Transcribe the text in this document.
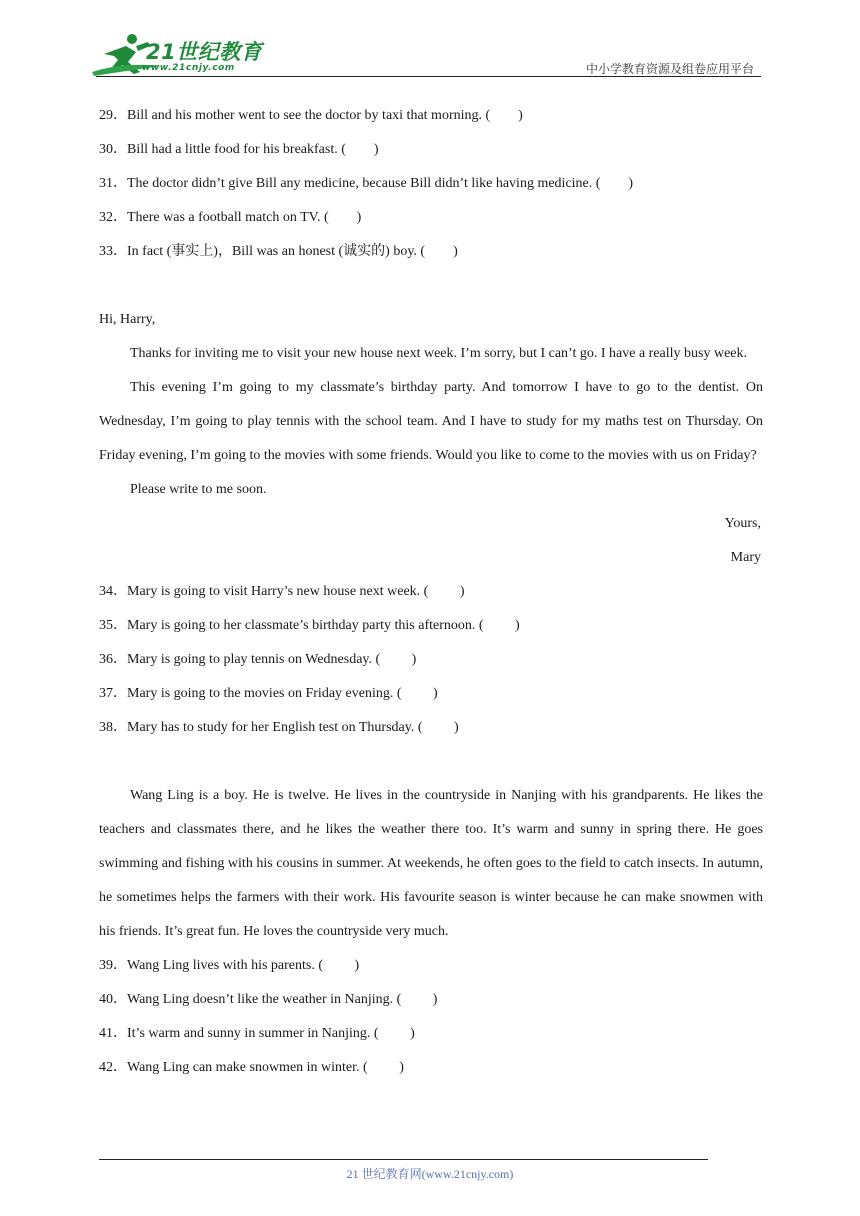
21世纪教育
www.21cnjy.com	中小学教育资源及组卷应用平台
29．Bill and his mother went to see the doctor by taxi that morning. (　　)
30．Bill had a little food for his breakfast. (　　)
31．The doctor didn’t give Bill any medicine, because Bill didn’t like having medicine. (　　)
32．There was a football match on TV. (　　)
33．In fact (事实上)，Bill was an honest (诚实的) boy. (　　)
Hi, Harry,

Thanks for inviting me to visit your new house next week. I’m sorry, but I can’t go. I have a really busy week.

This evening I’m going to my classmate’s birthday party. And tomorrow I have to go to the dentist. On Wednesday, I’m going to play tennis with the school team. And I have to study for my maths test on Thursday. On Friday evening, I’m going to the movies with some friends. Would you like to come to the movies with us on Friday?

Please write to me soon.

Yours,
Mary
34．Mary is going to visit Harry’s new house next week. (　　 )
35．Mary is going to her classmate’s birthday party this afternoon. (　　 )
36．Mary is going to play tennis on Wednesday. (　　 )
37．Mary is going to the movies on Friday evening. (　　 )
38．Mary has to study for her English test on Thursday. (　　 )

Wang Ling is a boy. He is twelve. He lives in the countryside in Nanjing with his grandparents. He likes the teachers and classmates there, and he likes the weather there too. It’s warm and sunny in spring there. He goes swimming and fishing with his cousins in summer. At weekends, he often goes to the field to catch insects. In autumn, he sometimes helps the farmers with their work. His favourite season is winter because he can make snowmen with his friends. It’s great fun. He loves the countryside very much.

39．Wang Ling lives with his parents. (　　 )
40．Wang Ling doesn’t like the weather in Nanjing. (　　 )
41．It’s warm and sunny in summer in Nanjing. (　　 )
42．Wang Ling can make snowmen in winter. (　　 )
21 世纪教育网(www.21cnjy.com)
